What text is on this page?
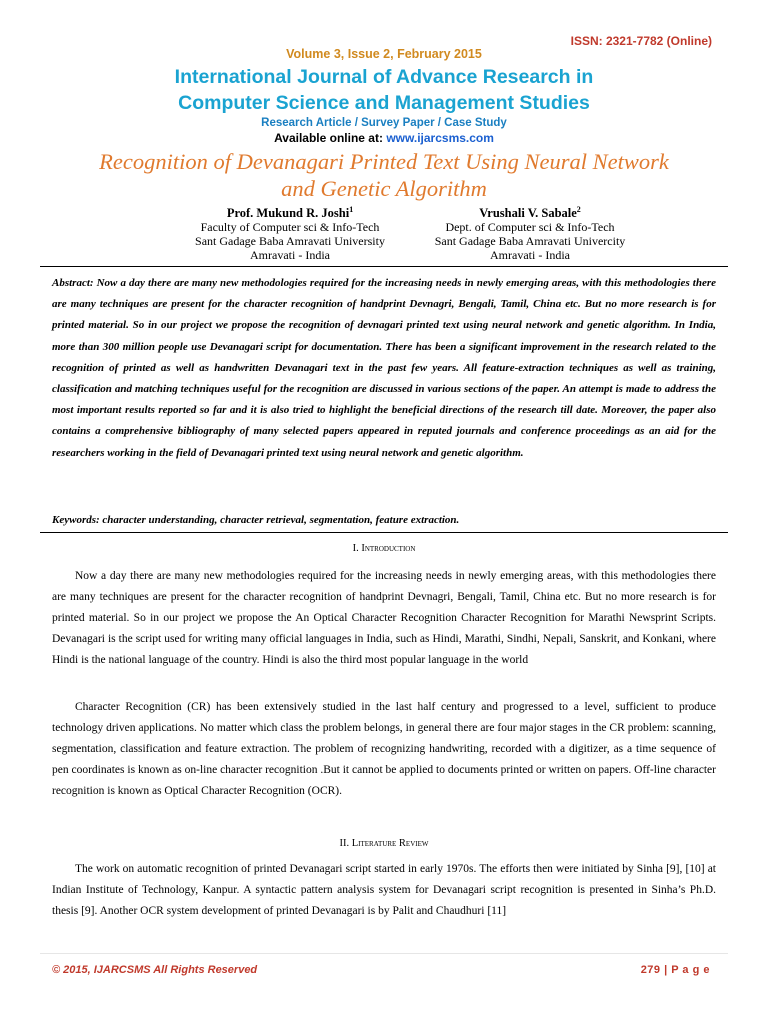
ISSN: 2321-7782 (Online)
Volume 3, Issue 2, February 2015
International Journal of Advance Research in
Computer Science and Management Studies
Research Article / Survey Paper / Case Study
Available online at: www.ijarcsms.com
Recognition of Devanagari Printed Text Using Neural Network
and Genetic Algorithm
Prof. Mukund R. Joshi$^1$
Faculty of Computer sci & Info-Tech
Sant Gadage Baba Amravati University
Amravati - India
Vrushali V. Sabale$^2$
Dept. of Computer sci & Info-Tech
Sant Gadage Baba Amravati Univercity
Amravati - India

Abstract: Now a day there are many new methodologies required for the increasing needs in newly emerging areas, with this methodologies there are many techniques are present for the character recognition of handprint Devnagri, Bengali, Tamil, China etc. But no more research is for printed material. So in our project we propose the recognition of devnagari printed text using neural network and genetic algorithm. In India, more than 300 million people use Devanagari script for documentation. There has been a significant improvement in the research related to the recognition of printed as well as handwritten Devanagari text in the past few years. All feature-extraction techniques as well as training, classification and matching techniques useful for the recognition are discussed in various sections of the paper. An attempt is made to address the most important results reported so far and it is also tried to highlight the beneficial directions of the research till date. Moreover, the paper also contains a comprehensive bibliography of many selected papers appeared in reputed journals and conference proceedings as an aid for the researchers working in the field of Devanagari printed text using neural network and genetic algorithm.

Keywords: character understanding, character retrieval, segmentation, feature extraction.

I. Introduction

Now a day there are many new methodologies required for the increasing needs in newly emerging areas, with this methodologies there are many techniques are present for the character recognition of handprint Devnagri, Bengali, Tamil, China etc. But no more research is for printed material. So in our project we propose the An Optical Character Recognition Character Recognition for Marathi Newsprint Scripts. Devanagari is the script used for writing many official languages in India, such as Hindi, Marathi, Sindhi, Nepali, Sanskrit, and Konkani, where Hindi is the national language of the country. Hindi is also the third most popular language in the world

Character Recognition (CR) has been extensively studied in the last half century and progressed to a level, sufficient to produce technology driven applications. No matter which class the problem belongs, in general there are four major stages in the CR problem: scanning, segmentation, classification and feature extraction. The problem of recognizing handwriting, recorded with a digitizer, as a time sequence of pen coordinates is known as on-line character recognition .But it cannot be applied to documents printed or written on papers. Off-line character recognition is known as Optical Character Recognition (OCR).

II. Literature Review

The work on automatic recognition of printed Devanagari script started in early 1970s. The efforts then were initiated by Sinha [9], [10] at Indian Institute of Technology, Kanpur. A syntactic pattern analysis system for Devanagari script recognition is presented in Sinha’s Ph.D. thesis [9]. Another OCR system development of printed Devanagari is by Palit and Chaudhuri [11]

© 2015, IJARCSMS All Rights Reserved	279 | P a g e
